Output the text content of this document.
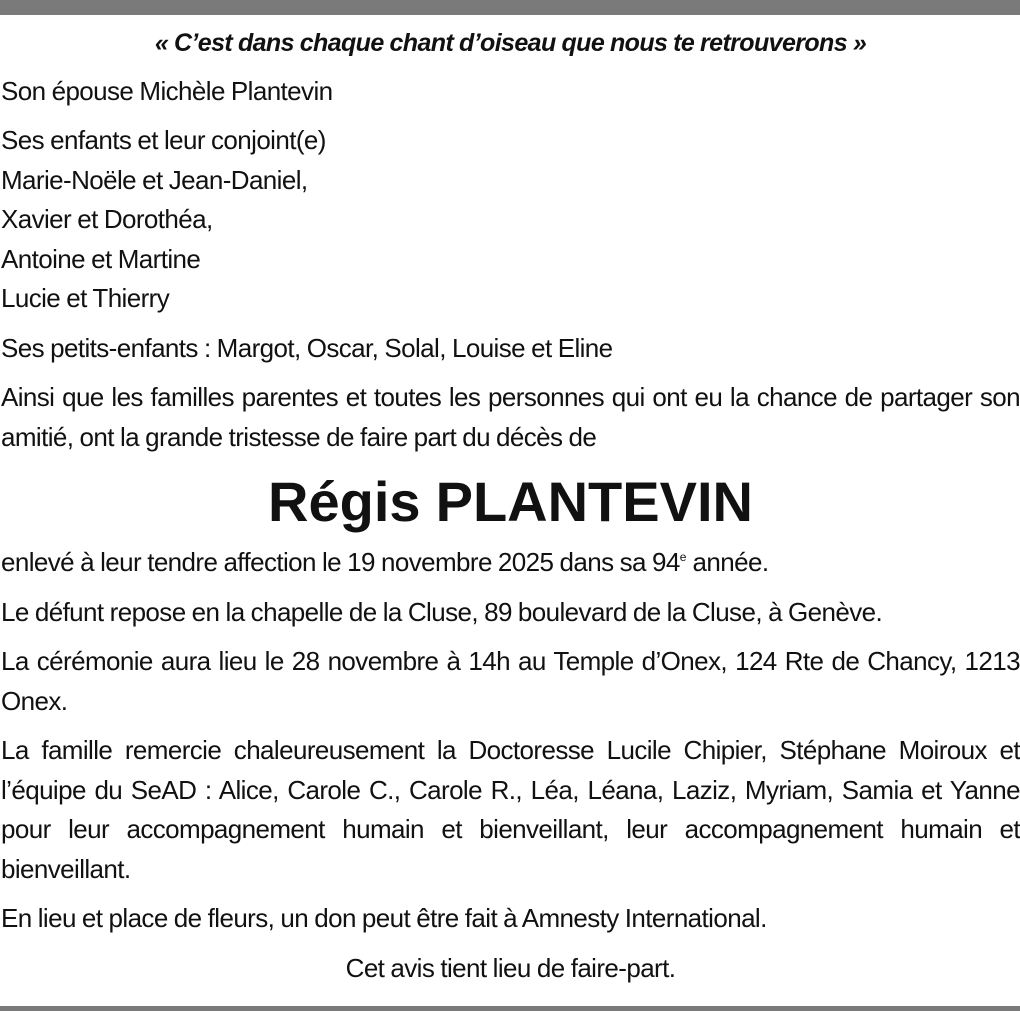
« C’est dans chaque chant d’oiseau que nous te retrouverons »

Son épouse Michèle Plantevin

Ses enfants et leur conjoint(e)
Marie-Noële et Jean-Daniel,
Xavier et Dorothéa,
Antoine et Martine
Lucie et Thierry

Ses petits-enfants : Margot, Oscar, Solal, Louise et Eline

Ainsi que les familles parentes et toutes les personnes qui ont eu la chance de partager son amitié, ont la grande tristesse de faire part du décès de

Régis PLANTEVIN

enlevé à leur tendre affection le 19 novembre 2025 dans sa 94e année.

Le défunt repose en la chapelle de la Cluse, 89 boulevard de la Cluse, à Genève.

La cérémonie aura lieu le 28 novembre à 14h au Temple d’Onex, 124 Rte de Chancy, 1213 Onex.

La famille remercie chaleureusement la Doctoresse Lucile Chipier, Stéphane Moiroux et l’équipe du SeAD : Alice, Carole C., Carole R., Léa, Léana, Laziz, Myriam, Samia et Yanne pour leur accompagnement humain et bienveillant, leur accompagnement humain et bienveillant.

En lieu et place de fleurs, un don peut être fait à Amnesty International.

Cet avis tient lieu de faire-part.
